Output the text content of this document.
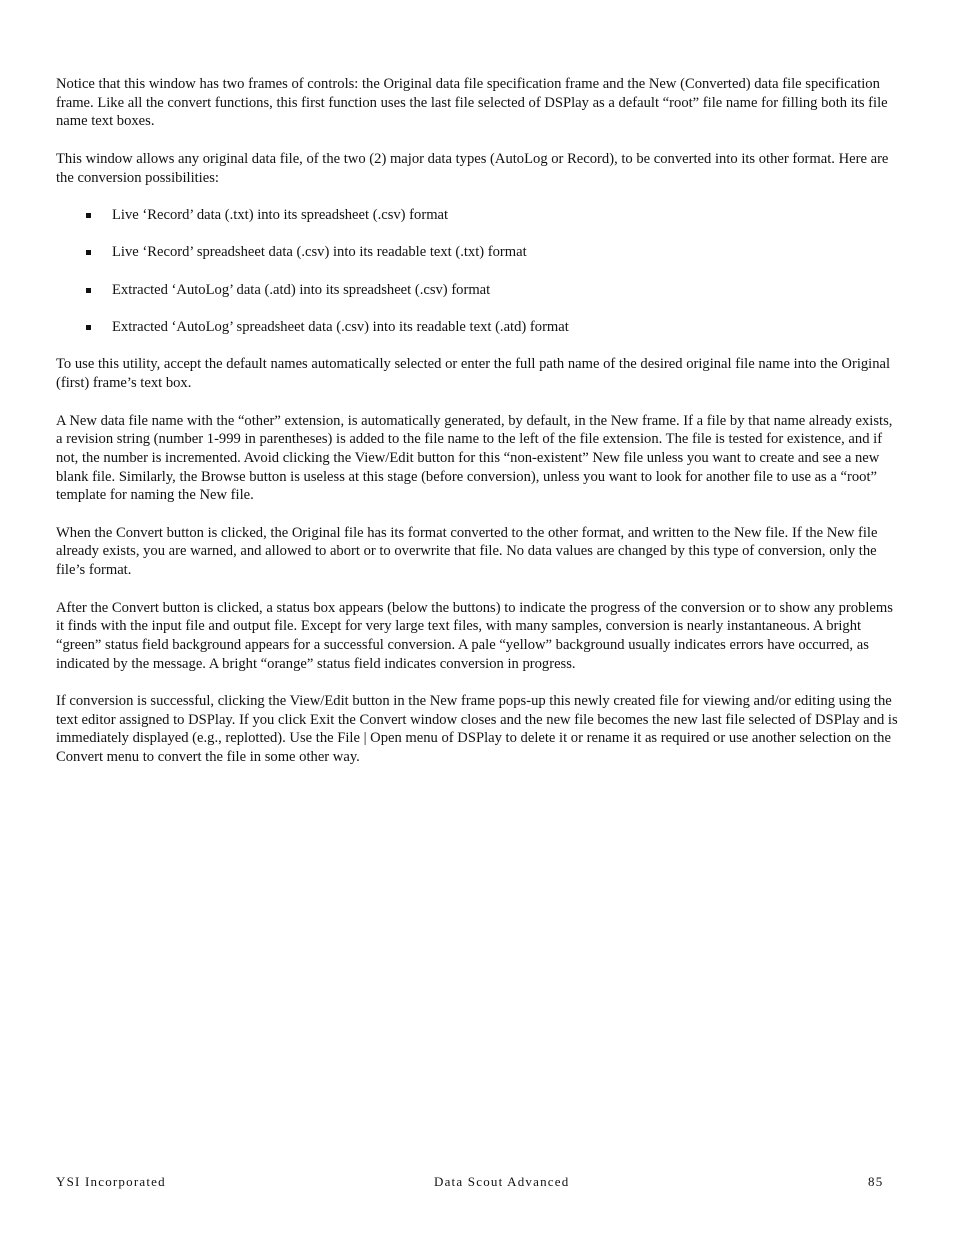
Notice that this window has two frames of controls: the Original data file specification frame and the New (Converted) data file specification frame. Like all the convert functions, this first function uses the last file selected of DSPlay as a default “root” file name for filling both its file name text boxes.

This window allows any original data file, of the two (2) major data types (AutoLog or Record), to be converted into its other format. Here are the conversion possibilities:

Live ‘Record’ data (.txt) into its spreadsheet (.csv) format
Live ‘Record’ spreadsheet data (.csv) into its readable text (.txt) format
Extracted ‘AutoLog’ data (.atd) into its spreadsheet (.csv) format
Extracted ‘AutoLog’ spreadsheet data (.csv) into its readable text (.atd) format

To use this utility, accept the default names automatically selected or enter the full path name of the desired original file name into the Original (first) frame’s text box.

A New data file name with the “other” extension, is automatically generated, by default, in the New frame. If a file by that name already exists, a revision string (number 1-999 in parentheses) is added to the file name to the left of the file extension. The file is tested for existence, and if not, the number is incremented. Avoid clicking the View/Edit button for this “non-existent” New file unless you want to create and see a new blank file. Similarly, the Browse button is useless at this stage (before conversion), unless you want to look for another file to use as a “root” template for naming the New file.

When the Convert button is clicked, the Original file has its format converted to the other format, and written to the New file. If the New file already exists, you are warned, and allowed to abort or to overwrite that file. No data values are changed by this type of conversion, only the file’s format.

After the Convert button is clicked, a status box appears (below the buttons) to indicate the progress of the conversion or to show any problems it finds with the input file and output file. Except for very large text files, with many samples, conversion is nearly instantaneous. A bright “green” status field background appears for a successful conversion. A pale “yellow” background usually indicates errors have occurred, as indicated by the message. A bright “orange” status field indicates conversion in progress.

If conversion is successful, clicking the View/Edit button in the New frame pops-up this newly created file for viewing and/or editing using the text editor assigned to DSPlay. If you click Exit the Convert window closes and the new file becomes the new last file selected of DSPlay and is immediately displayed (e.g., replotted). Use the File | Open menu of DSPlay to delete it or rename it as required or use another selection on the Convert menu to convert the file in some other way.

YSI Incorporated	Data Scout Advanced	85
